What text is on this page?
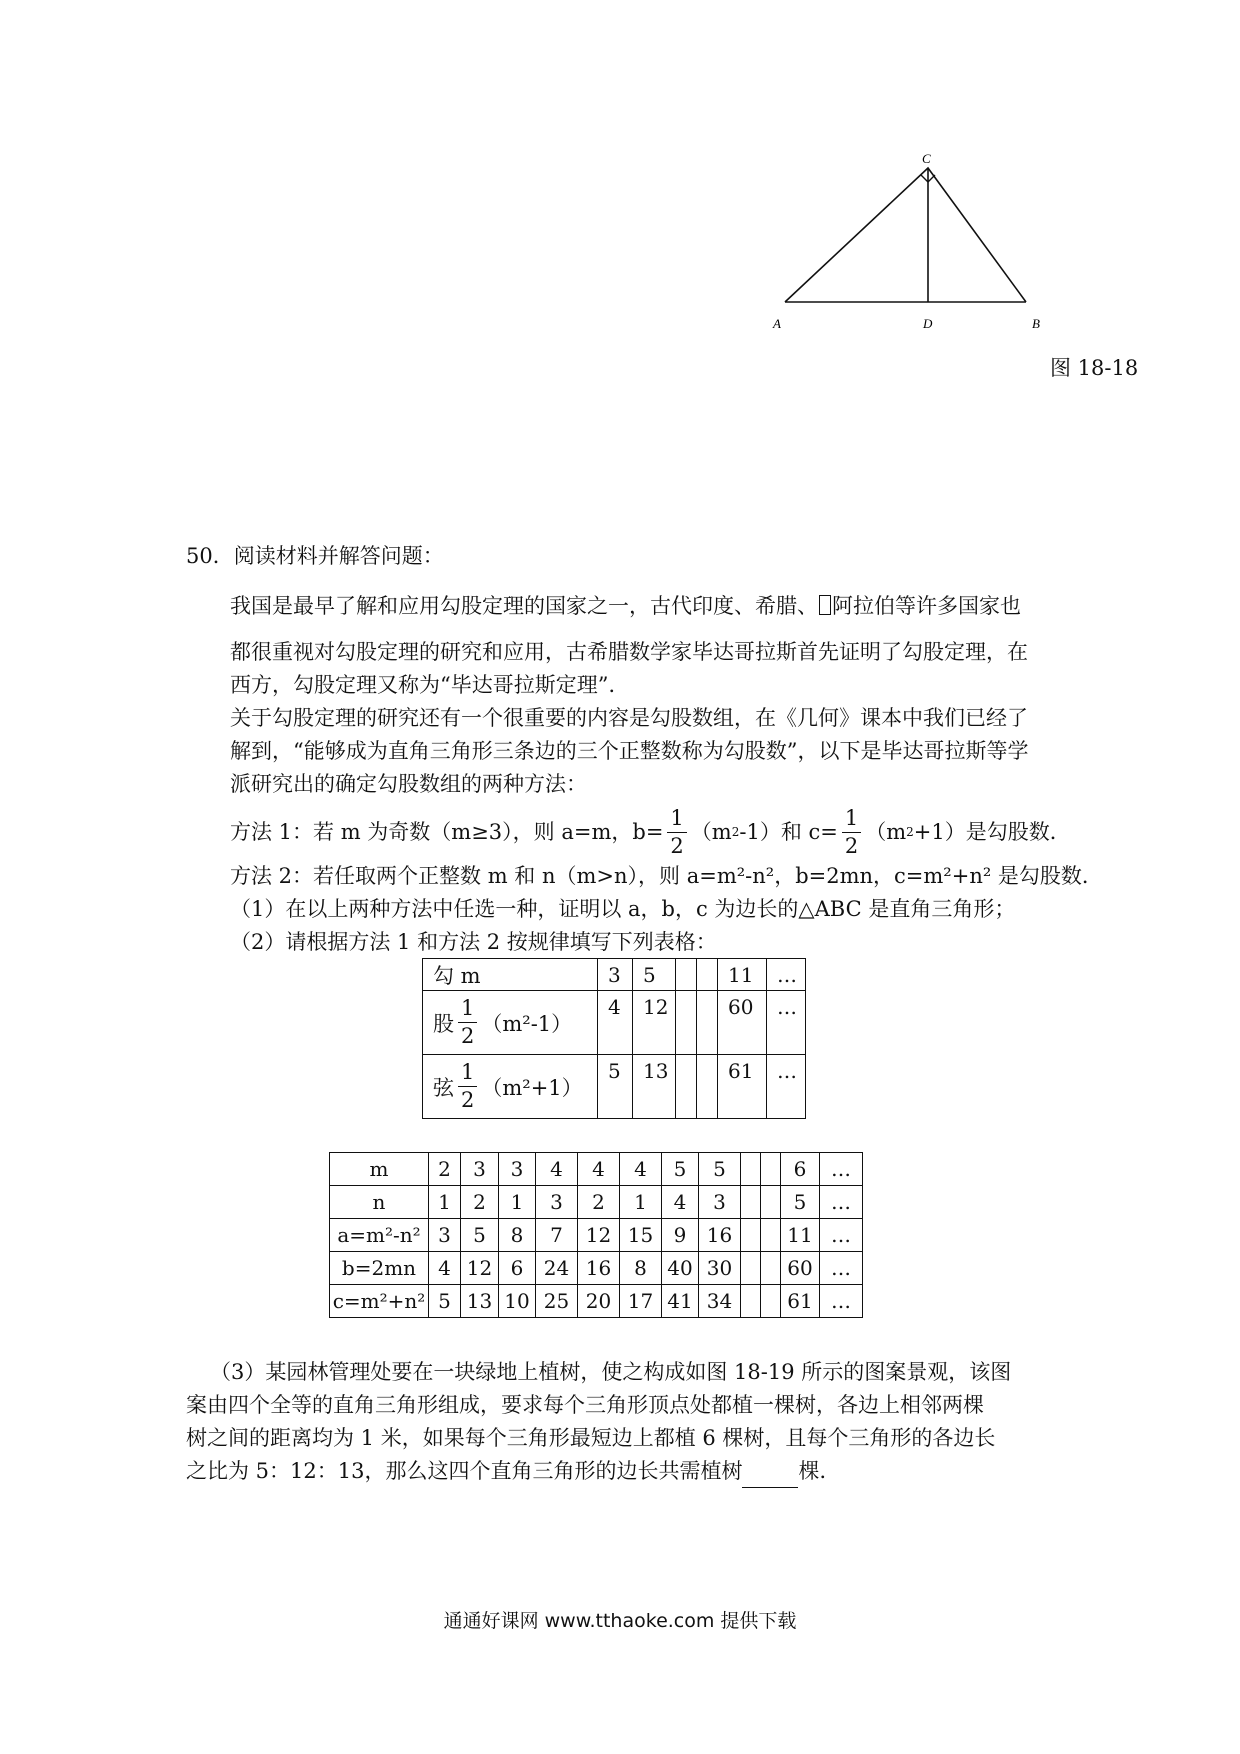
C
A	D	B
图 18-18
50．阅读材料并解答问题：
我国是最早了解和应用勾股定理的国家之一，古代印度、希腊、 阿拉伯等许多国家也
都很重视对勾股定理的研究和应用，古希腊数学家毕达哥拉斯首先证明了勾股定理，在
西方，勾股定理又称为“毕达哥拉斯定理”．
关于勾股定理的研究还有一个很重要的内容是勾股数组，在《几何》课本中我们已经了
解到，“能够成为直角三角形三条边的三个正整数称为勾股数”，以下是毕达哥拉斯等学
派研究出的确定勾股数组的两种方法：
方法 1：若 m 为奇数（m≥3），则 a=m，$b= \frac{1}{2} (m$ 2 -1）和 $c= \frac{1}{2} (m$ 2 +1）是勾股数．
方法 2：若任取两个正整数 m 和 n（m>n），则 a=m²-n²，b=2mn，c=m²+n² 是勾股数．
（1）在以上两种方法中任选一种，证明以 a，b，c 为边长的△ABC 是直角三角形；
（2）请根据方法 1 和方法 2 按规律填写下列表格：
勾 m	3	5			11	…

股 $\frac{1}{2} (m^2-1)$	4	12			60	…

弦 $\frac{1}{2} (m^2+1)$	5	13			61	…
m	2	3	3	4	4	4	5	5			6	…
n	1	2	1	3	2	1	4	3			5	…
a=m²-n²	3	5	8	7	12	15	9	16			11	…
b=2mn	4	12	6	24	16	8	40	30			60	…
c=m²+n²	5	13	10	25	20	17	41	34			61	…
（3）某园林管理处要在一块绿地上植树，使之构成如图 18-19 所示的图案景观，该图
案由四个全等的直角三角形组成，要求每个三角形顶点处都植一棵树，各边上相邻两棵
树之间的距离均为 1 米，如果每个三角形最短边上都植 6 棵树，且每个三角形的各边长
之比为 5：12：13，那么这四个直角三角形的边长共需植树	棵．
通通好课网 www.tthaoke.com 提供下载
